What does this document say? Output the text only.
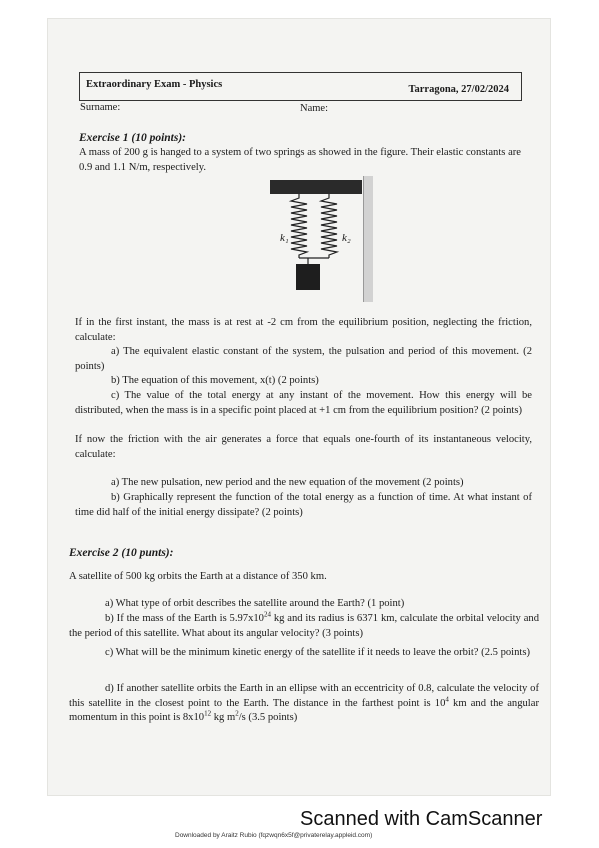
Extraordinary Exam - Physics	Tarragona, 27/02/2024
Surname:	Name:
Exercise 1 (10 points):
A mass of 200 g is hanged to a system of two springs as showed in the figure. Their elastic constants are 0.9 and 1.1 N/m, respectively.
k₁	k₂
If in the first instant, the mass is at rest at -2 cm from the equilibrium position, neglecting the friction, calculate:
a) The equivalent elastic constant of the system, the pulsation and period of this movement. (2 points)
b) The equation of this movement, x(t) (2 points)
c) The value of the total energy at any instant of the movement. How this energy will be distributed, when the mass is in a specific point placed at +1 cm from the equilibrium position? (2 points)
If now the friction with the air generates a force that equals one-fourth of its instantaneous velocity, calculate:
a) The new pulsation, new period and the new equation of the movement (2 points)
b) Graphically represent the function of the total energy as a function of time. At what instant of time did half of the initial energy dissipate? (2 points)
Exercise 2 (10 punts):
A satellite of 500 kg orbits the Earth at a distance of 350 km.
a) What type of orbit describes the satellite around the Earth? (1 point)
b) If the mass of the Earth is $5.97x10^{24}$ kg and its radius is 6371 km, calculate the orbital velocity and the period of this satellite. What about its angular velocity? (3 points)
c) What will be the minimum kinetic energy of the satellite if it needs to leave the orbit? (2.5 points)
d) If another satellite orbits the Earth in an ellipse with an eccentricity of 0.8, calculate the velocity of this satellite in the closest point to the Earth. The distance in the farthest point is $10^4$ km and the angular momentum in this point is $8x10^{12}$ kg $m^2/s$ (3.5 points)
Scanned with CamScanner
Downloaded by Araitz Rubio (fqzwqn6x5f@privaterelay.appleid.com)
